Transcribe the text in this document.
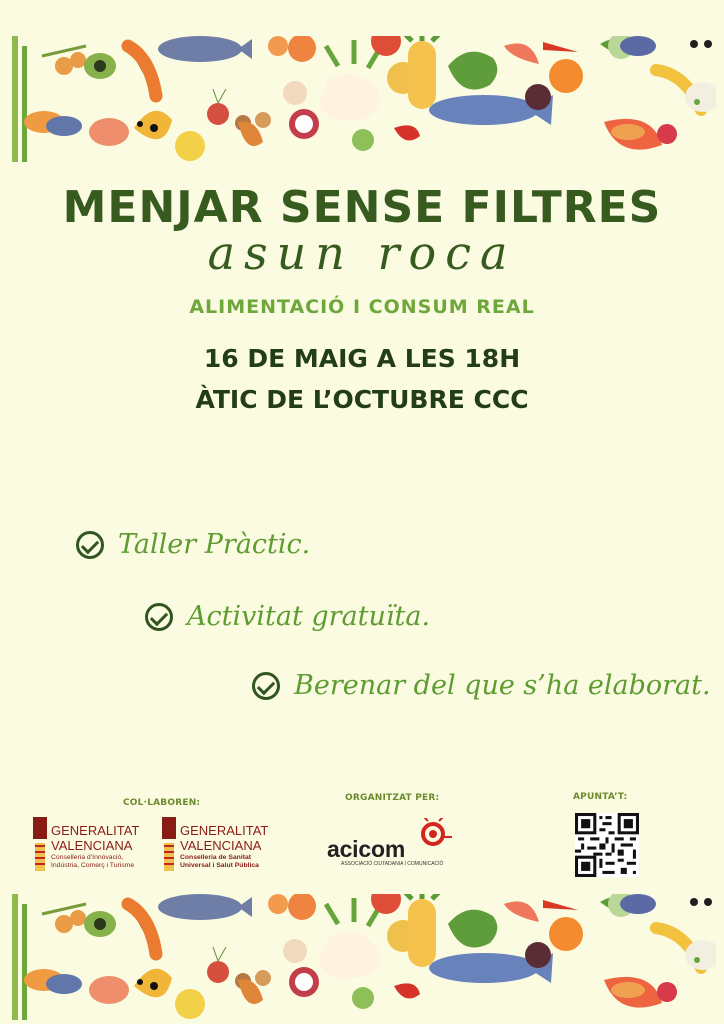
MENJAR SENSE FILTRES
asun roca
ALIMENTACIÓ I CONSUM REAL
16 DE MAIG A LES 18H
ÀTIC DE L’OCTUBRE CCC
Taller Pràctic.
Activitat gratuïta.
Berenar del que s’ha elaborat.
COL·LABOREN:	ORGANITZAT PER:	APUNTA’T:
GENERALITAT VALENCIANA
Conselleria d’Innovació, Indústria, Comerç i Turisme
GENERALITAT VALENCIANA
Conselleria de Sanitat Universal i Salut Pública
acicom
ASSOCIACIÓ CIUTADANIA I COMUNICACIÓ
